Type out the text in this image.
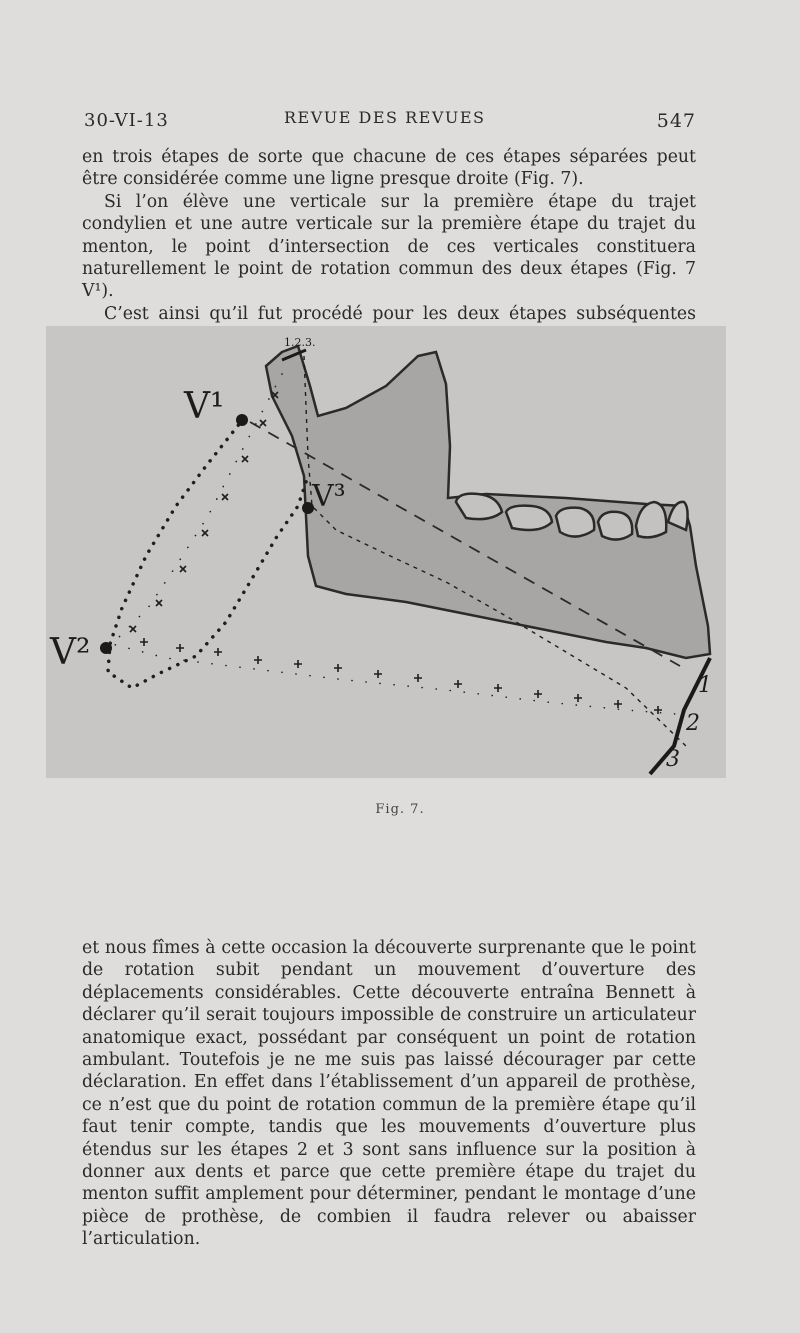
30-VI-13	REVUE DES REVUES	547
en trois étapes de sorte que chacune de ces étapes séparées peut être considérée comme une ligne presque droite (Fig. 7).
Si l’on élève une verticale sur la première étape du trajet condylien et une autre verticale sur la première étape du trajet du menton, le point d’intersection de ces verticales constituera naturellement le point de rotation commun des deux étapes (Fig. 7 V¹).
C’est ainsi qu’il fut procédé pour les deux étapes subséquentes
V¹
V²
V³
1.2.3.
1
2
3
Fig. 7.

et nous fîmes à cette occasion la découverte surprenante que le point de rotation subit pendant un mouvement d’ouverture des déplacements considérables. Cette découverte entraîna Bennett à déclarer qu’il serait toujours impossible de construire un articulateur anatomique exact, possédant par conséquent un point de rotation ambulant. Toutefois je ne me suis pas laissé décourager par cette déclaration. En effet dans l’établissement d’un appareil de prothèse, ce n’est que du point de rotation commun de la première étape qu’il faut tenir compte, tandis que les mouvements d’ouverture plus étendus sur les étapes 2 et 3 sont sans influence sur la position à donner aux dents et parce que cette première étape du trajet du menton suffit amplement pour déterminer, pendant le montage d’une pièce de prothèse, de combien il faudra relever ou abaisser l’articulation.
